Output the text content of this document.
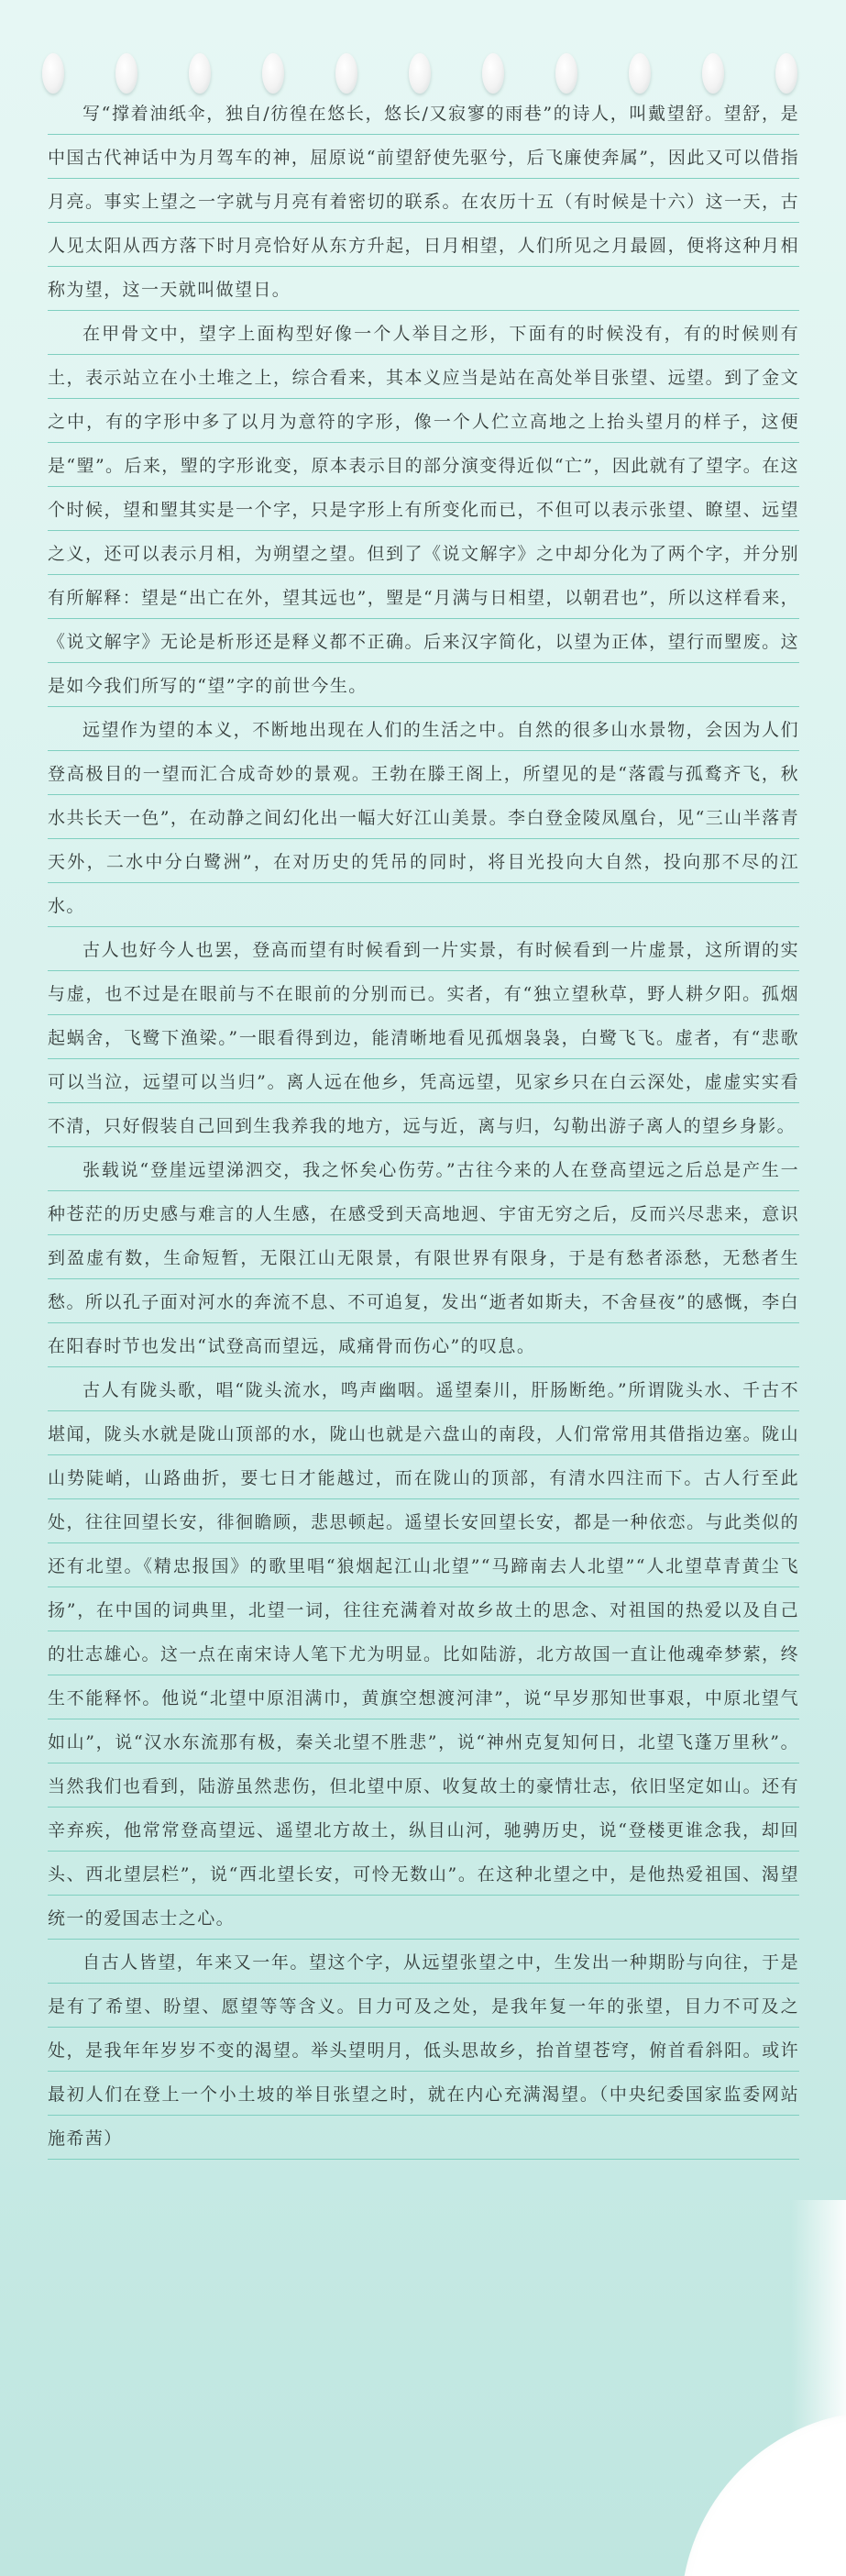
写“撑着油纸伞，独自/彷徨在悠长，悠长/又寂寥的雨巷”的诗人，叫戴望舒。望舒，是中国古代神话中为月驾车的神，屈原说“前望舒使先驱兮，后飞廉使奔属”，因此又可以借指月亮。事实上望之一字就与月亮有着密切的联系。在农历十五（有时候是十六）这一天，古人见太阳从西方落下时月亮恰好从东方升起，日月相望，人们所见之月最圆，便将这种月相称为望，这一天就叫做望日。

在甲骨文中，望字上面构型好像一个人举目之形，下面有的时候没有，有的时候则有土，表示站立在小土堆之上，综合看来，其本义应当是站在高处举目张望、远望。到了金文之中，有的字形中多了以月为意符的字形，像一个人伫立高地之上抬头望月的样子，这便是“朢”。后来，朢的字形讹变，原本表示目的部分演变得近似“亡”，因此就有了望字。在这个时候，望和朢其实是一个字，只是字形上有所变化而已，不但可以表示张望、瞭望、远望之义，还可以表示月相，为朔望之望。但到了《说文解字》之中却分化为了两个字，并分别有所解释：望是“出亡在外，望其远也”，朢是“月满与日相望，以朝君也”，所以这样看来，《说文解字》无论是析形还是释义都不正确。后来汉字简化，以望为正体，望行而朢废。这是如今我们所写的“望”字的前世今生。

远望作为望的本义，不断地出现在人们的生活之中。自然的很多山水景物，会因为人们登高极目的一望而汇合成奇妙的景观。王勃在滕王阁上，所望见的是“落霞与孤鹜齐飞，秋水共长天一色”，在动静之间幻化出一幅大好江山美景。李白登金陵凤凰台，见“三山半落青天外，二水中分白鹭洲”，在对历史的凭吊的同时，将目光投向大自然，投向那不尽的江水。

古人也好今人也罢，登高而望有时候看到一片实景，有时候看到一片虚景，这所谓的实与虚，也不过是在眼前与不在眼前的分别而已。实者，有“独立望秋草，野人耕夕阳。孤烟起蜗舍，飞鹭下渔梁。”一眼看得到边，能清晰地看见孤烟袅袅，白鹭飞飞。虚者，有“悲歌可以当泣，远望可以当归”。离人远在他乡，凭高远望，见家乡只在白云深处，虚虚实实看不清，只好假装自己回到生我养我的地方，远与近，离与归，勾勒出游子离人的望乡身影。

张载说“登崖远望涕泗交，我之怀矣心伤劳。”古往今来的人在登高望远之后总是产生一种苍茫的历史感与难言的人生感，在感受到天高地迥、宇宙无穷之后，反而兴尽悲来，意识到盈虚有数，生命短暂，无限江山无限景，有限世界有限身，于是有愁者添愁，无愁者生愁。所以孔子面对河水的奔流不息、不可追复，发出“逝者如斯夫，不舍昼夜”的感慨，李白在阳春时节也发出“试登高而望远，咸痛骨而伤心”的叹息。

古人有陇头歌，唱“陇头流水，鸣声幽咽。遥望秦川，肝肠断绝。”所谓陇头水、千古不堪闻，陇头水就是陇山顶部的水，陇山也就是六盘山的南段，人们常常用其借指边塞。陇山山势陡峭，山路曲折，要七日才能越过，而在陇山的顶部，有清水四注而下。古人行至此处，往往回望长安，徘徊瞻顾，悲思顿起。遥望长安回望长安，都是一种依恋。与此类似的还有北望。《精忠报国》的歌里唱“狼烟起江山北望”“马蹄南去人北望”“人北望草青黄尘飞扬”，在中国的词典里，北望一词，往往充满着对故乡故土的思念、对祖国的热爱以及自己的壮志雄心。这一点在南宋诗人笔下尤为明显。比如陆游，北方故国一直让他魂牵梦萦，终生不能释怀。他说“北望中原泪满巾，黄旗空想渡河津”，说“早岁那知世事艰，中原北望气如山”，说“汉水东流那有极，秦关北望不胜悲”，说“神州克复知何日，北望飞蓬万里秋”。当然我们也看到，陆游虽然悲伤，但北望中原、收复故土的豪情壮志，依旧坚定如山。还有辛弃疾，他常常登高望远、遥望北方故土，纵目山河，驰骋历史，说“登楼更谁念我，却回头、西北望层栏”，说“西北望长安，可怜无数山”。在这种北望之中，是他热爱祖国、渴望统一的爱国志士之心。

自古人皆望，年来又一年。望这个字，从远望张望之中，生发出一种期盼与向往，于是是有了希望、盼望、愿望等等含义。目力可及之处，是我年复一年的张望，目力不可及之处，是我年年岁岁不变的渴望。举头望明月，低头思故乡，抬首望苍穹，俯首看斜阳。或许最初人们在登上一个小土坡的举目张望之时，就在内心充满渴望。（中央纪委国家监委网站 施希茜）
